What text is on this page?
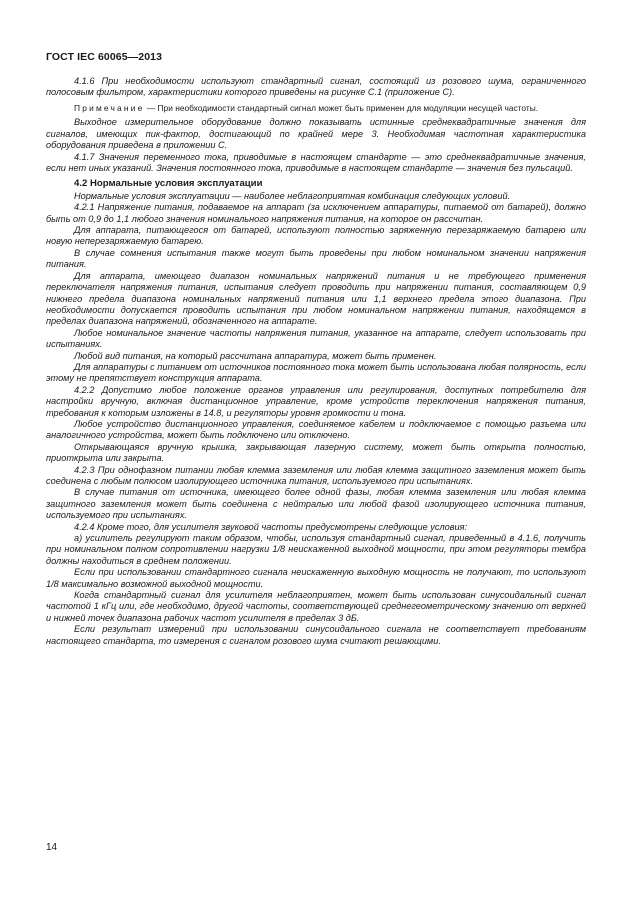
ГОСТ IEC 60065—2013

4.1.6 При необходимости используют стандартный сигнал, состоящий из розового шума, ограниченного полосовым фильтром, характеристики которого приведены на рисунке С.1 (приложение С).

Примечание — При необходимости стандартный сигнал может быть применен для модуляции несущей частоты.

Выходное измерительное оборудование должно показывать истинные среднеквадратичные значения для сигналов, имеющих пик-фактор, достигающий по крайней мере 3. Необходимая частотная характеристика оборудования приведена в приложении С.

4.1.7 Значения переменного тока, приводимые в настоящем стандарте — это среднеквадратичные значения, если нет иных указаний. Значения постоянного тока, приводимые в настоящем стандарте — значения без пульсаций.

4.2 Нормальные условия эксплуатации

Нормальные условия эксплуатации — наиболее неблагоприятная комбинация следующих условий.

4.2.1 Напряжение питания, подаваемое на аппарат (за исключением аппаратуры, питаемой от батарей), должно быть от 0,9 до 1,1 любого значения номинального напряжения питания, на которое он рассчитан.

Для аппарата, питающегося от батарей, используют полностью заряженную перезаряжаемую батарею или новую неперезаряжаемую батарею.

В случае сомнения испытания также могут быть проведены при любом номинальном значении напряжения питания.

Для аппарата, имеющего диапазон номинальных напряжений питания и не требующего применения переключателя напряжения питания, испытания следует проводить при напряжении питания, составляющем 0,9 нижнего предела диапазона номинальных напряжений питания или 1,1 верхнего предела этого диапазона. При необходимости допускается проводить испытания при любом номинальном напряжении питания, находящемся в пределах диапазона напряжений, обозначенного на аппарате.

Любое номинальное значение частоты напряжения питания, указанное на аппарате, следует использовать при испытаниях.

Любой вид питания, на который рассчитана аппаратура, может быть применен.

Для аппаратуры с питанием от источников постоянного тока может быть использована любая полярность, если этому не препятствует конструкция аппарата.

4.2.2 Допустимо любое положение органов управления или регулирования, доступных потребителю для настройки вручную, включая дистанционное управление, кроме устройств переключения напряжения питания, требования к которым изложены в 14.8, и регуляторы уровня громкости и тона.

Любое устройство дистанционного управления, соединяемое кабелем и подключаемое с помощью разъема или аналогичного устройства, может быть подключено или отключено.

Открывающаяся вручную крышка, закрывающая лазерную систему, может быть открыта полностью, приоткрыта или закрыта.

4.2.3 При однофазном питании любая клемма заземления или любая клемма защитного заземления может быть соединена с любым полюсом изолирующего источника питания, используемого при испытаниях.

В случае питания от источника, имеющего более одной фазы, любая клемма заземления или любая клемма защитного заземления может быть соединена с нейтралью или любой фазой изолирующего источника питания, используемого при испытаниях.

4.2.4 Кроме того, для усилителя звуковой частоты предусмотрены следующие условия:

а) усилитель регулируют таким образом, чтобы, используя стандартный сигнал, приведенный в 4.1.6, получить при номинальном полном сопротивлении нагрузки 1/8 неискаженной выходной мощности, при этом регуляторы тембра должны находиться в среднем положении.

Если при использовании стандартного сигнала неискаженную выходную мощность не получают, то используют 1/8 максимально возможной выходной мощности.

Когда стандартный сигнал для усилителя неблагоприятен, может быть использован синусоидальный сигнал частотой 1 кГц или, где необходимо, другой частоты, соответствующей среднегеометрическому значению от верхней и нижней точек диапазона рабочих частот усилителя в пределах 3 дБ.

Если результат измерений при использовании синусоидального сигнала не соответствует требованиям настоящего стандарта, то измерения с сигналом розового шума считают решающими.

14
